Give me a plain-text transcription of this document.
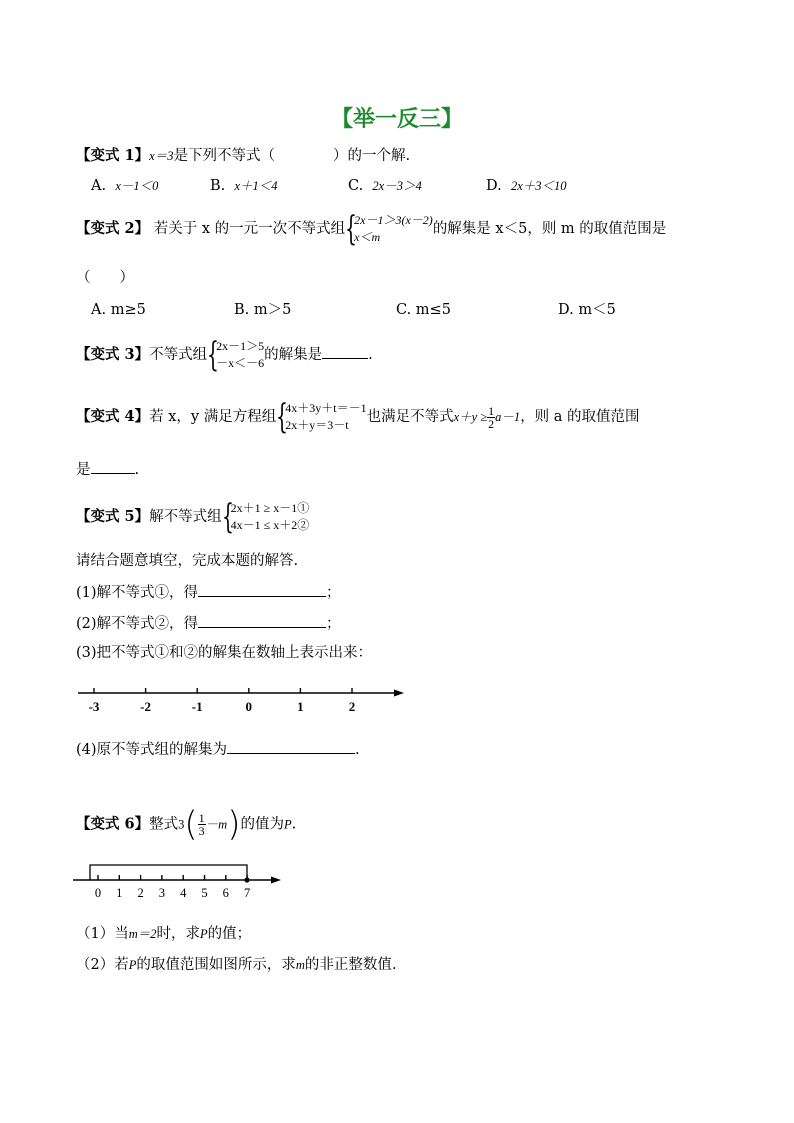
【举一反三】
【变式 1】x＝3是下列不等式（　　　　）的一个解.
A. x－1＜0	B. x＋1＜4	C. 2x－3＞4	D. 2x＋3＜10
【变式 2】 若关于 x 的一元一次不等式组 {
2x－1＞3(x－2)
x＜m	的解集是 x＜5，则 m 的取值范围是
（　　）
A. m≥5	B. m＞5	C. m≤5	D. m＜5
【变式 3】不等式组 {
2x－1＞5
－x＜－6 的解集是	.
【变式 4】若 x，y 满足方程组 {
4x＋3y＋t＝－1
2x＋y＝3－t	也满足不等式$x+y \ge \frac{1}{2} a-1$，则 a 的取值范围
是	.
【变式 5】解不等式组 {
2x＋1 ≥ x－1①
4x－1 ≤ x＋2②
请结合题意填空，完成本题的解答.
(1)解不等式①，得	；
(2)解不等式②，得	；
(3)把不等式①和②的解集在数轴上表示出来：
-3	-2	-1	0	1	2
(4)原不等式组的解集为	.
【变式 6】整式$3( \frac{1}{3} -m)$的值为P.
0 1 2 3 4 5 6 7
（1）当m＝2时，求P的值；
（2）若P的取值范围如图所示，求m的非正整数值.
